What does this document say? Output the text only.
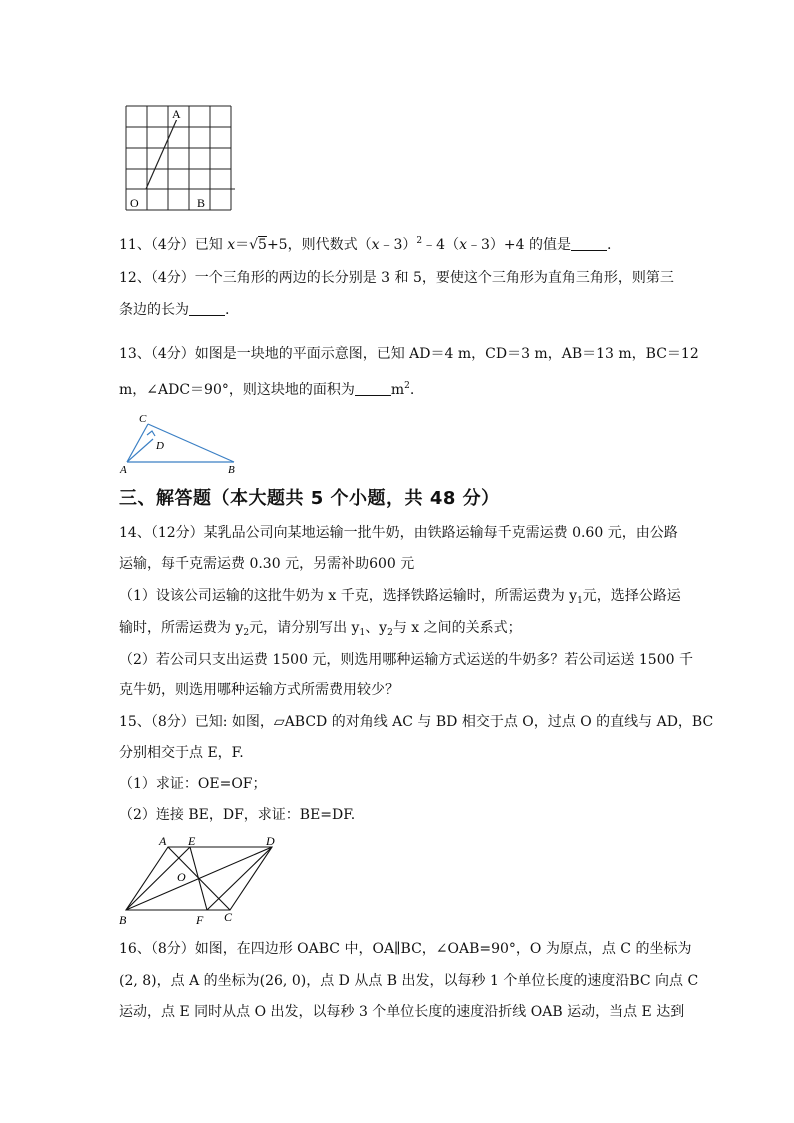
A
O	B
11、（4分）已知 x＝√5+5，则代数式（x﹣3）$^2$﹣4（x﹣3）+4 的值是	.
12、（4分）一个三角形的两边的长分别是 3 和 5，要使这个三角形为直角三角形，则第三
条边的长为	.
13、（4分）如图是一块地的平面示意图，已知 AD＝4 m，CD＝3 m，AB＝13 m，BC＝12
m，∠ADC＝90°，则这块地的面积为	$m^2$.
C
D
A	B
三、解答题（本大题共 5 个小题，共 48 分）
14、（12分）某乳品公司向某地运输一批牛奶，由铁路运输每千克需运费 0.60 元，由公路
运输，每千克需运费 0.30 元，另需补助600 元
（1）设该公司运输的这批牛奶为 x 千克，选择铁路运输时，所需运费为 $y_1$元，选择公路运
输时，所需运费为 $y_2$元，请分别写出 $y_1$、$y_2$与 x 之间的关系式；
（2）若公司只支出运费 1500 元，则选用哪种运输方式运送的牛奶多？若公司运送 1500 千
克牛奶，则选用哪种运输方式所需费用较少？
15、（8分）已知: 如图，▱ABCD 的对角线 AC 与 BD 相交于点 O，过点 O 的直线与 AD，BC
分别相交于点 E，F.
（1）求证：OE=OF；
（2）连接 BE，DF，求证：BE=DF.
A E	D
O
B	F C
16、（8分）如图，在四边形 OABC 中，OA∥BC，∠OAB=90°，O 为原点，点 C 的坐标为
(2, 8)，点 A 的坐标为(26, 0)，点 D 从点 B 出发，以每秒 1 个单位长度的速度沿BC 向点 C
运动，点 E 同时从点 O 出发，以每秒 3 个单位长度的速度沿折线 OAB 运动，当点 E 达到
